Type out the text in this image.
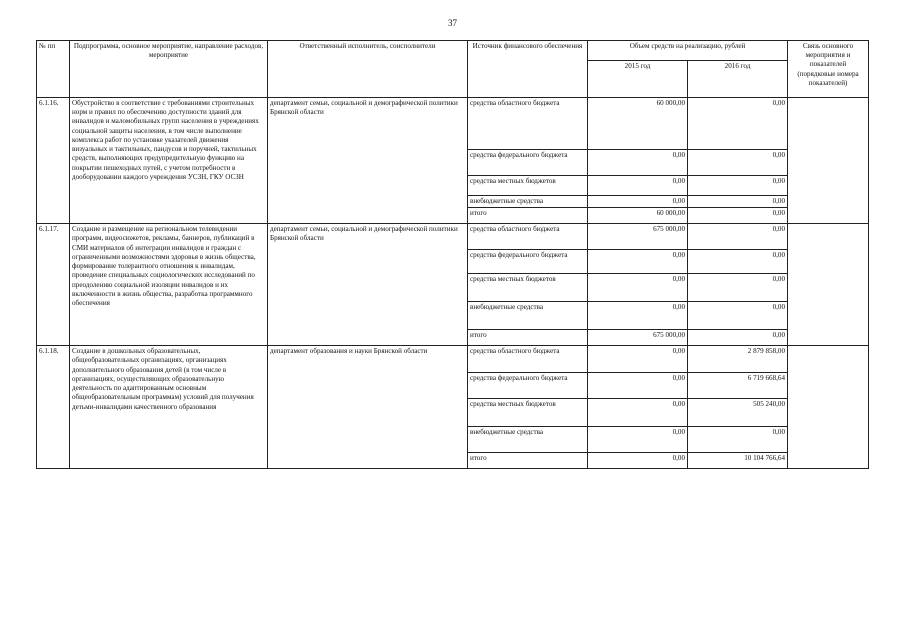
37
№ пп	Подпрограмма, основное мероприятие, направление расходов, мероприятие	Ответственный исполнитель, соисполнители	Источник финансового обеспечения	Объем средств на реализацию, рублей		Связь основного мероприятия и показателей (порядковые номера показателей)
				2015 год	2016 год	
6.1.16.	Обустройство в соответствие с требованиями строительных норм и правил по обеспечению доступности зданий для инвалидов и маломобильных групп населения в учреждениях социальной защиты населения, в том числе выполнение комплекса работ по установке указателей движения визуальных и тактильных, пандусов и поручней, тактильных средств, выполняющих предупредительную функцию на покрытии пешеходных путей, с учетом потребности в дооборудовании каждого учреждения УСЗН, ГКУ ОСЗН	департамент семьи, социальной и демографической политики Брянской области	средства областного бюджета	60 000,00	0,00	
			средства федерального бюджета	0,00	0,00	
			средства местных бюджетов	0,00	0,00	
			внебюджетные средства	0,00	0,00	
			итого	60 000,00	0,00	
6.1.17.	Создание и размещение на региональном телевидении программ, видеосюжетов, рекламы, баннеров, публикаций в СМИ материалов об интеграции инвалидов и граждан с ограниченными возможностями здоровья в жизнь общества, формирование толерантного отношения к инвалидам, проведение специальных социологических исследований по преодолению социальной изоляции инвалидов и их включенности в жизнь общества, разработка программного обеспечения	департамент семьи, социальной и демографической политики Брянской области	средства областного бюджета	675 000,00	0,00	
			средства федерального бюджета	0,00	0,00	
			средства местных бюджетов	0,00	0,00	
			внебюджетные средства	0,00	0,00	
			итого	675 000,00	0,00	
6.1.18.	Создание в дошкольных образовательных, общеобразовательных организациях, организациях дополнительного образования детей (в том числе в организациях, осуществляющих образовательную деятельность по адаптированным основным общеобразовательным программам) условий для получения детьми-инвалидами качественного образования	департамент образования и науки Брянской области	средства областного бюджета	0,00	2 879 858,00	
			средства федерального бюджета	0,00	6 719 668,64	
			средства местных бюджетов	0,00	505 240,00	
			внебюджетные средства	0,00	0,00	
			итого	0,00	10 104 766,64	
